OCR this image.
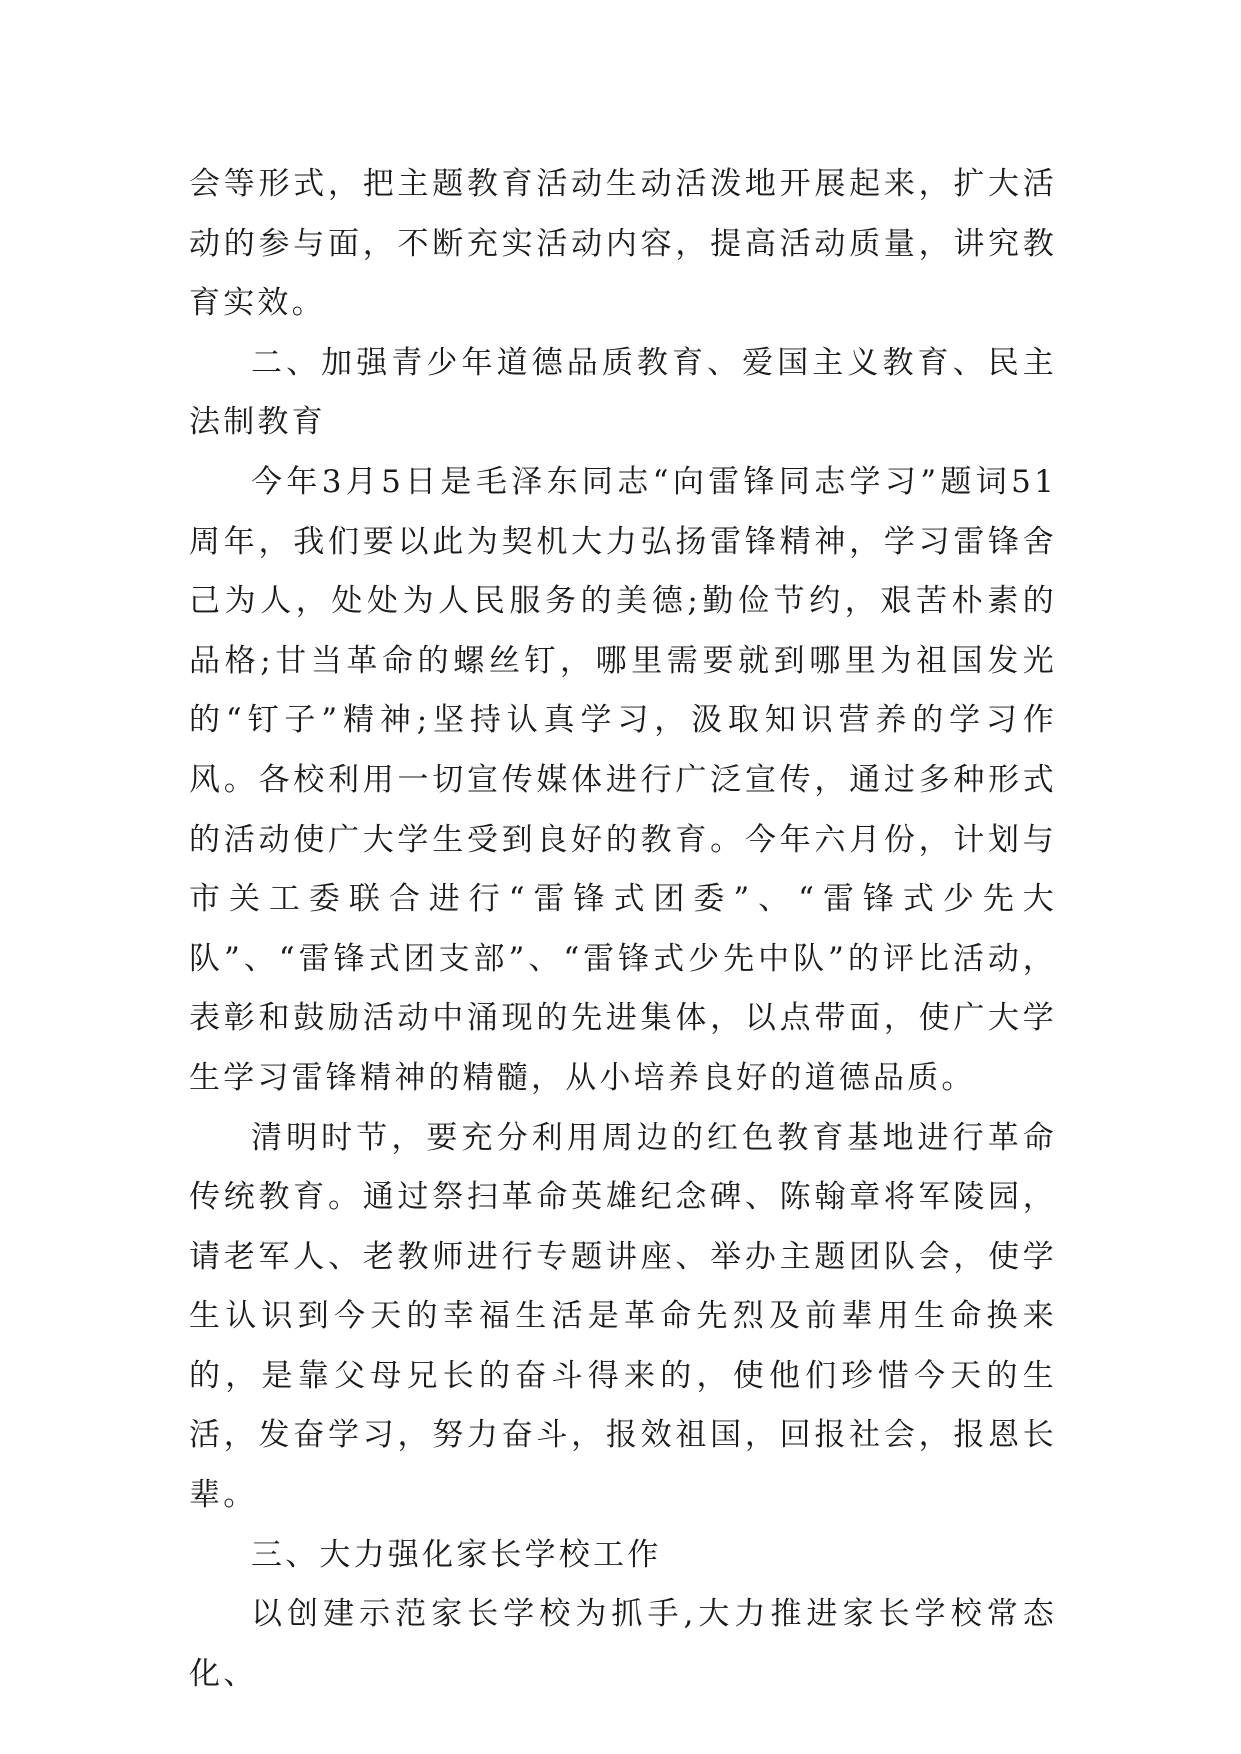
会等形式，把主题教育活动生动活泼地开展起来，扩大活动的参与面，不断充实活动内容，提高活动质量，讲究教育实效。

二、加强青少年道德品质教育、爱国主义教育、民主法制教育

今年3月5日是毛泽东同志“向雷锋同志学习”题词51周年，我们要以此为契机大力弘扬雷锋精神，学习雷锋舍己为人，处处为人民服务的美德;勤俭节约，艰苦朴素的品格;甘当革命的螺丝钉，哪里需要就到哪里为祖国发光的“钉子”精神;坚持认真学习，汲取知识营养的学习作风。各校利用一切宣传媒体进行广泛宣传，通过多种形式的活动使广大学生受到良好的教育。今年六月份，计划与市关工委联合进行“雷锋式团委”、“雷锋式少先大队”、“雷锋式团支部”、“雷锋式少先中队”的评比活动，表彰和鼓励活动中涌现的先进集体，以点带面，使广大学生学习雷锋精神的精髓，从小培养良好的道德品质。

清明时节，要充分利用周边的红色教育基地进行革命传统教育。通过祭扫革命英雄纪念碑、陈翰章将军陵园，请老军人、老教师进行专题讲座、举办主题团队会，使学生认识到今天的幸福生活是革命先烈及前辈用生命换来的，是靠父母兄长的奋斗得来的，使他们珍惜今天的生活，发奋学习，努力奋斗，报效祖国，回报社会，报恩长辈。

三、大力强化家长学校工作

以创建示范家长学校为抓手,大力推进家长学校常态化、
